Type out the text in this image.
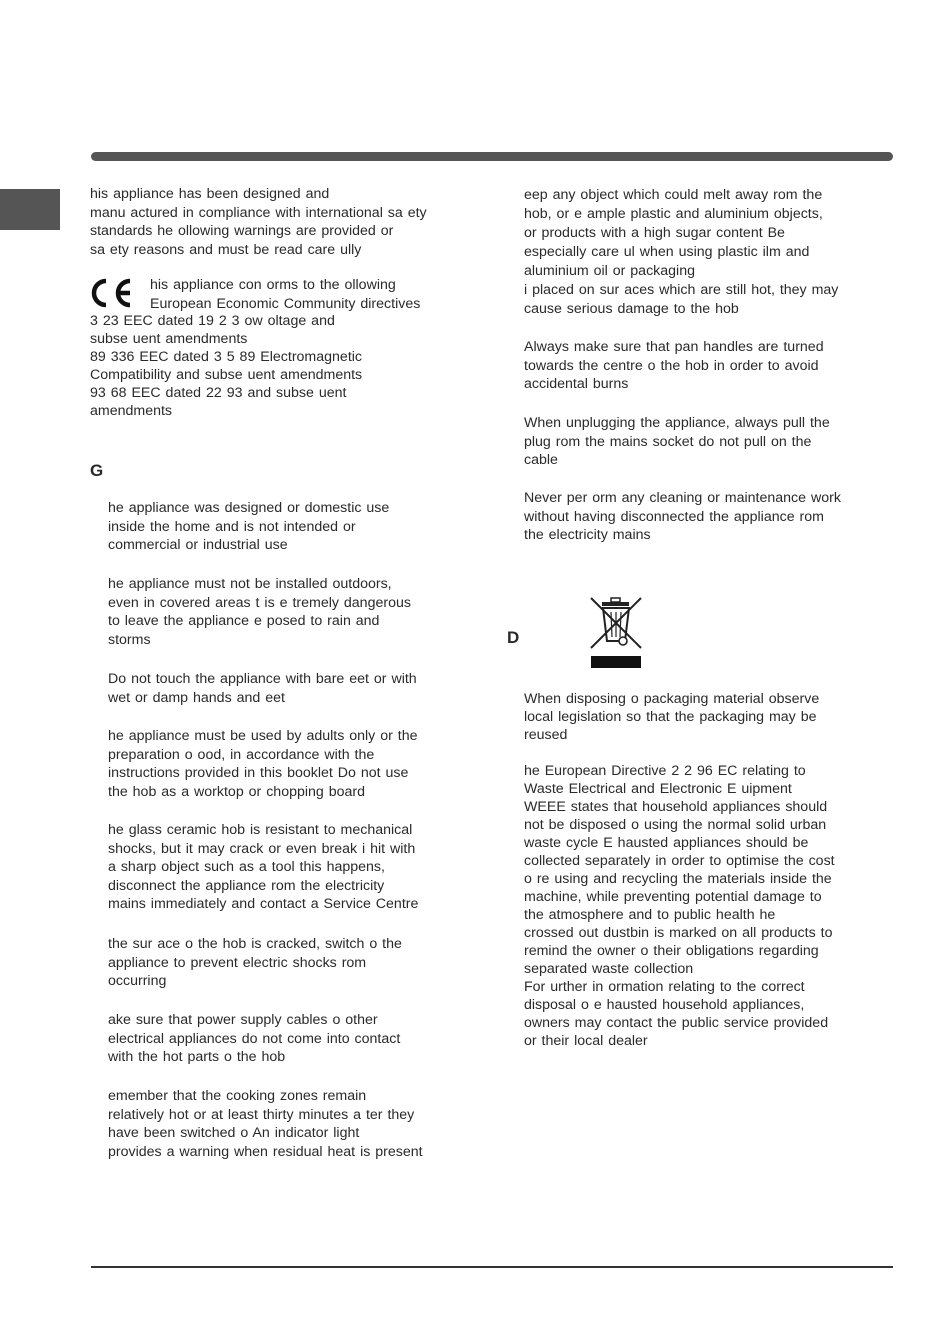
his appliance has been designed and
manu actured in compliance with international sa ety
standards he ollowing warnings are provided or
sa ety reasons and must be read care ully
his appliance con orms to the ollowing
European Economic Community directives
3 23 EEC dated 19 2 3 ow oltage and
subse uent amendments
89 336 EEC dated 3 5 89 Electromagnetic
Compatibility and subse uent amendments
93 68 EEC dated 22 93 and subse uent
amendments
G
he appliance was designed or domestic use
inside the home and is not intended or
commercial or industrial use
he appliance must not be installed outdoors,
even in covered areas t is e tremely dangerous
to leave the appliance e posed to rain and
storms
Do not touch the appliance with bare eet or with
wet or damp hands and eet
he appliance must be used by adults only or the
preparation o ood, in accordance with the
instructions provided in this booklet Do not use
the hob as a worktop or chopping board
he glass ceramic hob is resistant to mechanical
shocks, but it may crack or even break i hit with
a sharp object such as a tool this happens,
disconnect the appliance rom the electricity
mains immediately and contact a Service Centre
the sur ace o the hob is cracked, switch o the
appliance to prevent electric shocks rom
occurring
ake sure that power supply cables o other
electrical appliances do not come into contact
with the hot parts o the hob
emember that the cooking zones remain
relatively hot or at least thirty minutes a ter they
have been switched o An indicator light
provides a warning when residual heat is present
eep any object which could melt away rom the
hob, or e ample plastic and aluminium objects,
or products with a high sugar content Be
especially care ul when using plastic ilm and
aluminium oil or packaging
i placed on sur aces which are still hot, they may
cause serious damage to the hob
Always make sure that pan handles are turned
towards the centre o the hob in order to avoid
accidental burns
When unplugging the appliance, always pull the
plug rom the mains socket do not pull on the
cable
Never per orm any cleaning or maintenance work
without having disconnected the appliance rom
the electricity mains
D
When disposing o packaging material observe
local legislation so that the packaging may be
reused
he European Directive 2 2 96 EC relating to
Waste Electrical and Electronic E uipment
WEEE states that household appliances should
not be disposed o using the normal solid urban
waste cycle E hausted appliances should be
collected separately in order to optimise the cost
o re using and recycling the materials inside the
machine, while preventing potential damage to
the atmosphere and to public health he
crossed out dustbin is marked on all products to
remind the owner o their obligations regarding
separated waste collection
For urther in ormation relating to the correct
disposal o e hausted household appliances,
owners may contact the public service provided
or their local dealer
